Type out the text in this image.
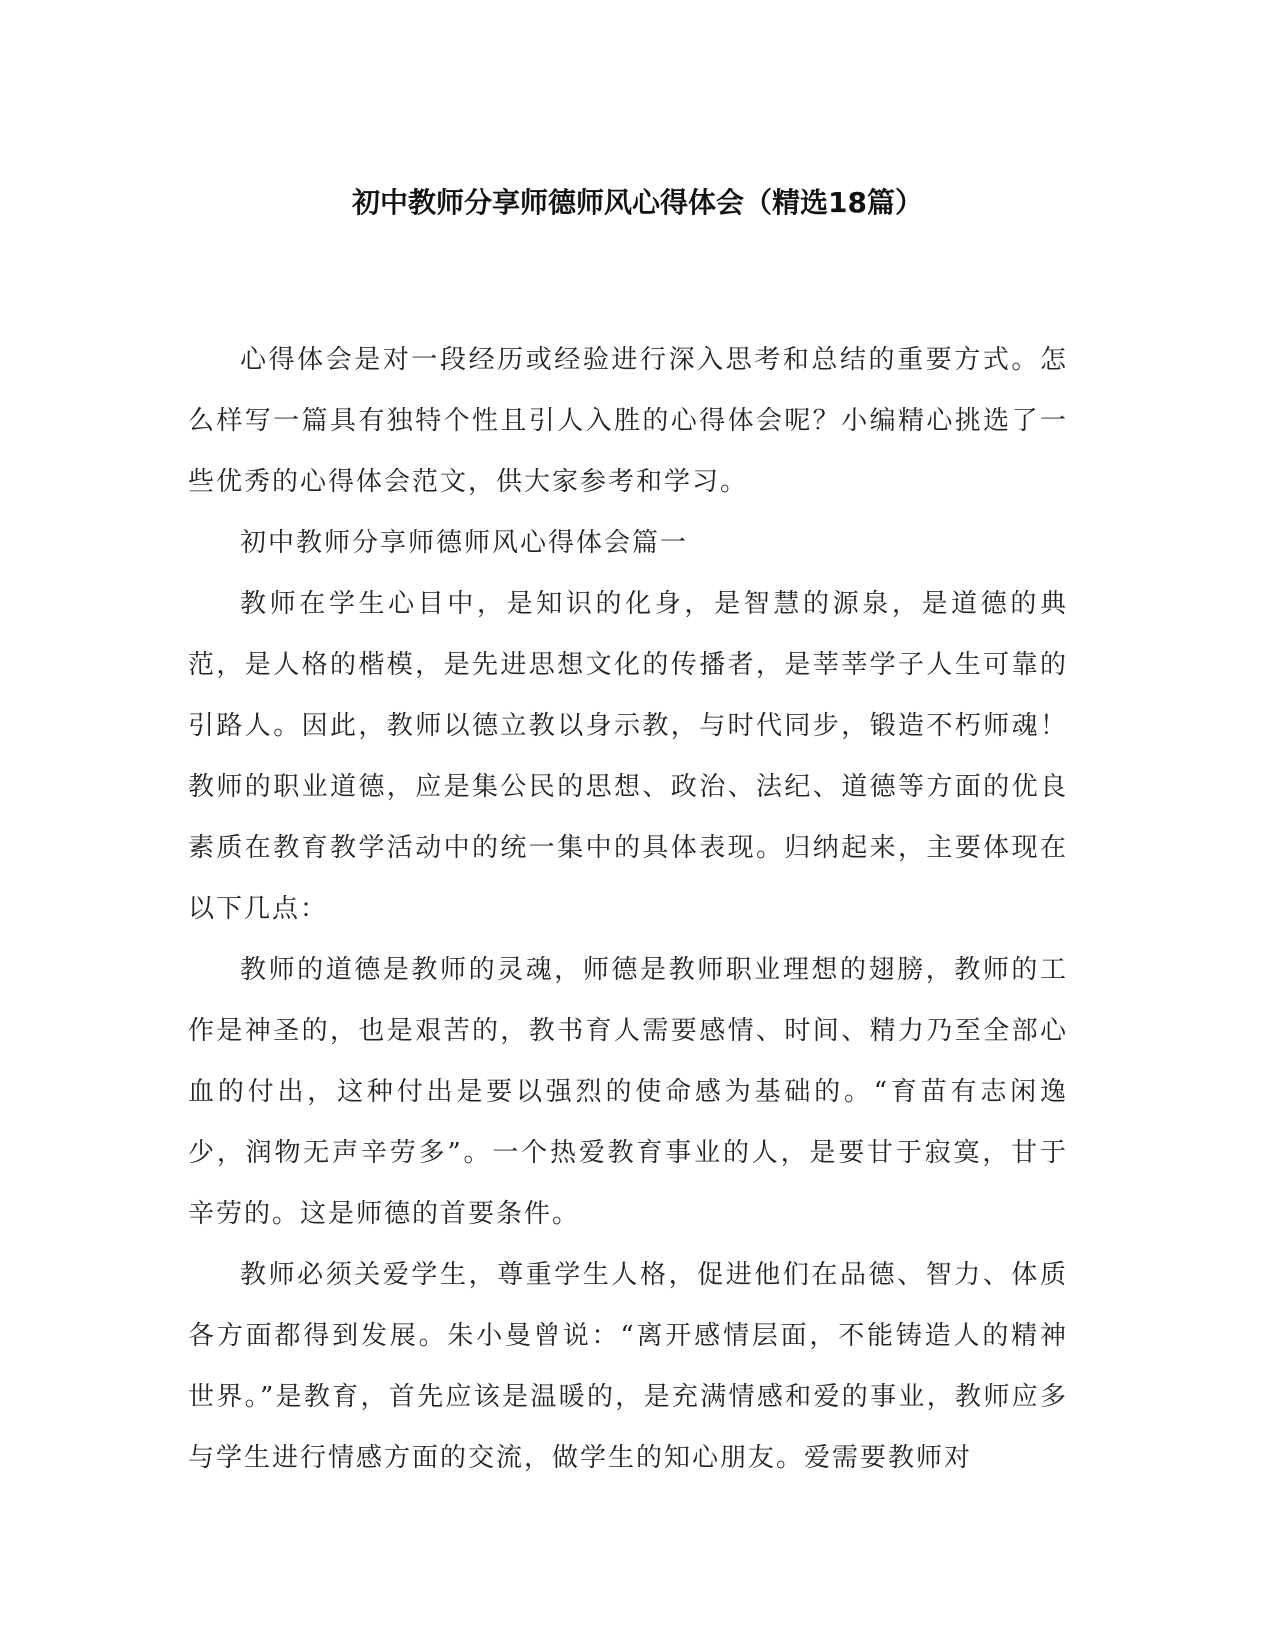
初中教师分享师德师风心得体会（精选18篇）

心得体会是对一段经历或经验进行深入思考和总结的重要方式。怎么样写一篇具有独特个性且引人入胜的心得体会呢？小编精心挑选了一些优秀的心得体会范文，供大家参考和学习。

初中教师分享师德师风心得体会篇一

教师在学生心目中，是知识的化身，是智慧的源泉，是道德的典范，是人格的楷模，是先进思想文化的传播者，是莘莘学子人生可靠的引路人。因此，教师以德立教以身示教，与时代同步，锻造不朽师魂！教师的职业道德，应是集公民的思想、政治、法纪、道德等方面的优良素质在教育教学活动中的统一集中的具体表现。归纳起来，主要体现在以下几点：

教师的道德是教师的灵魂，师德是教师职业理想的翅膀，教师的工作是神圣的，也是艰苦的，教书育人需要感情、时间、精力乃至全部心血的付出，这种付出是要以强烈的使命感为基础的。“育苗有志闲逸少，润物无声辛劳多”。一个热爱教育事业的人，是要甘于寂寞，甘于辛劳的。这是师德的首要条件。

教师必须关爱学生，尊重学生人格，促进他们在品德、智力、体质各方面都得到发展。朱小曼曾说：“离开感情层面，不能铸造人的精神世界。”是教育，首先应该是温暖的，是充满情感和爱的事业，教师应多与学生进行情感方面的交流，做学生的知心朋友。爱需要教师对
